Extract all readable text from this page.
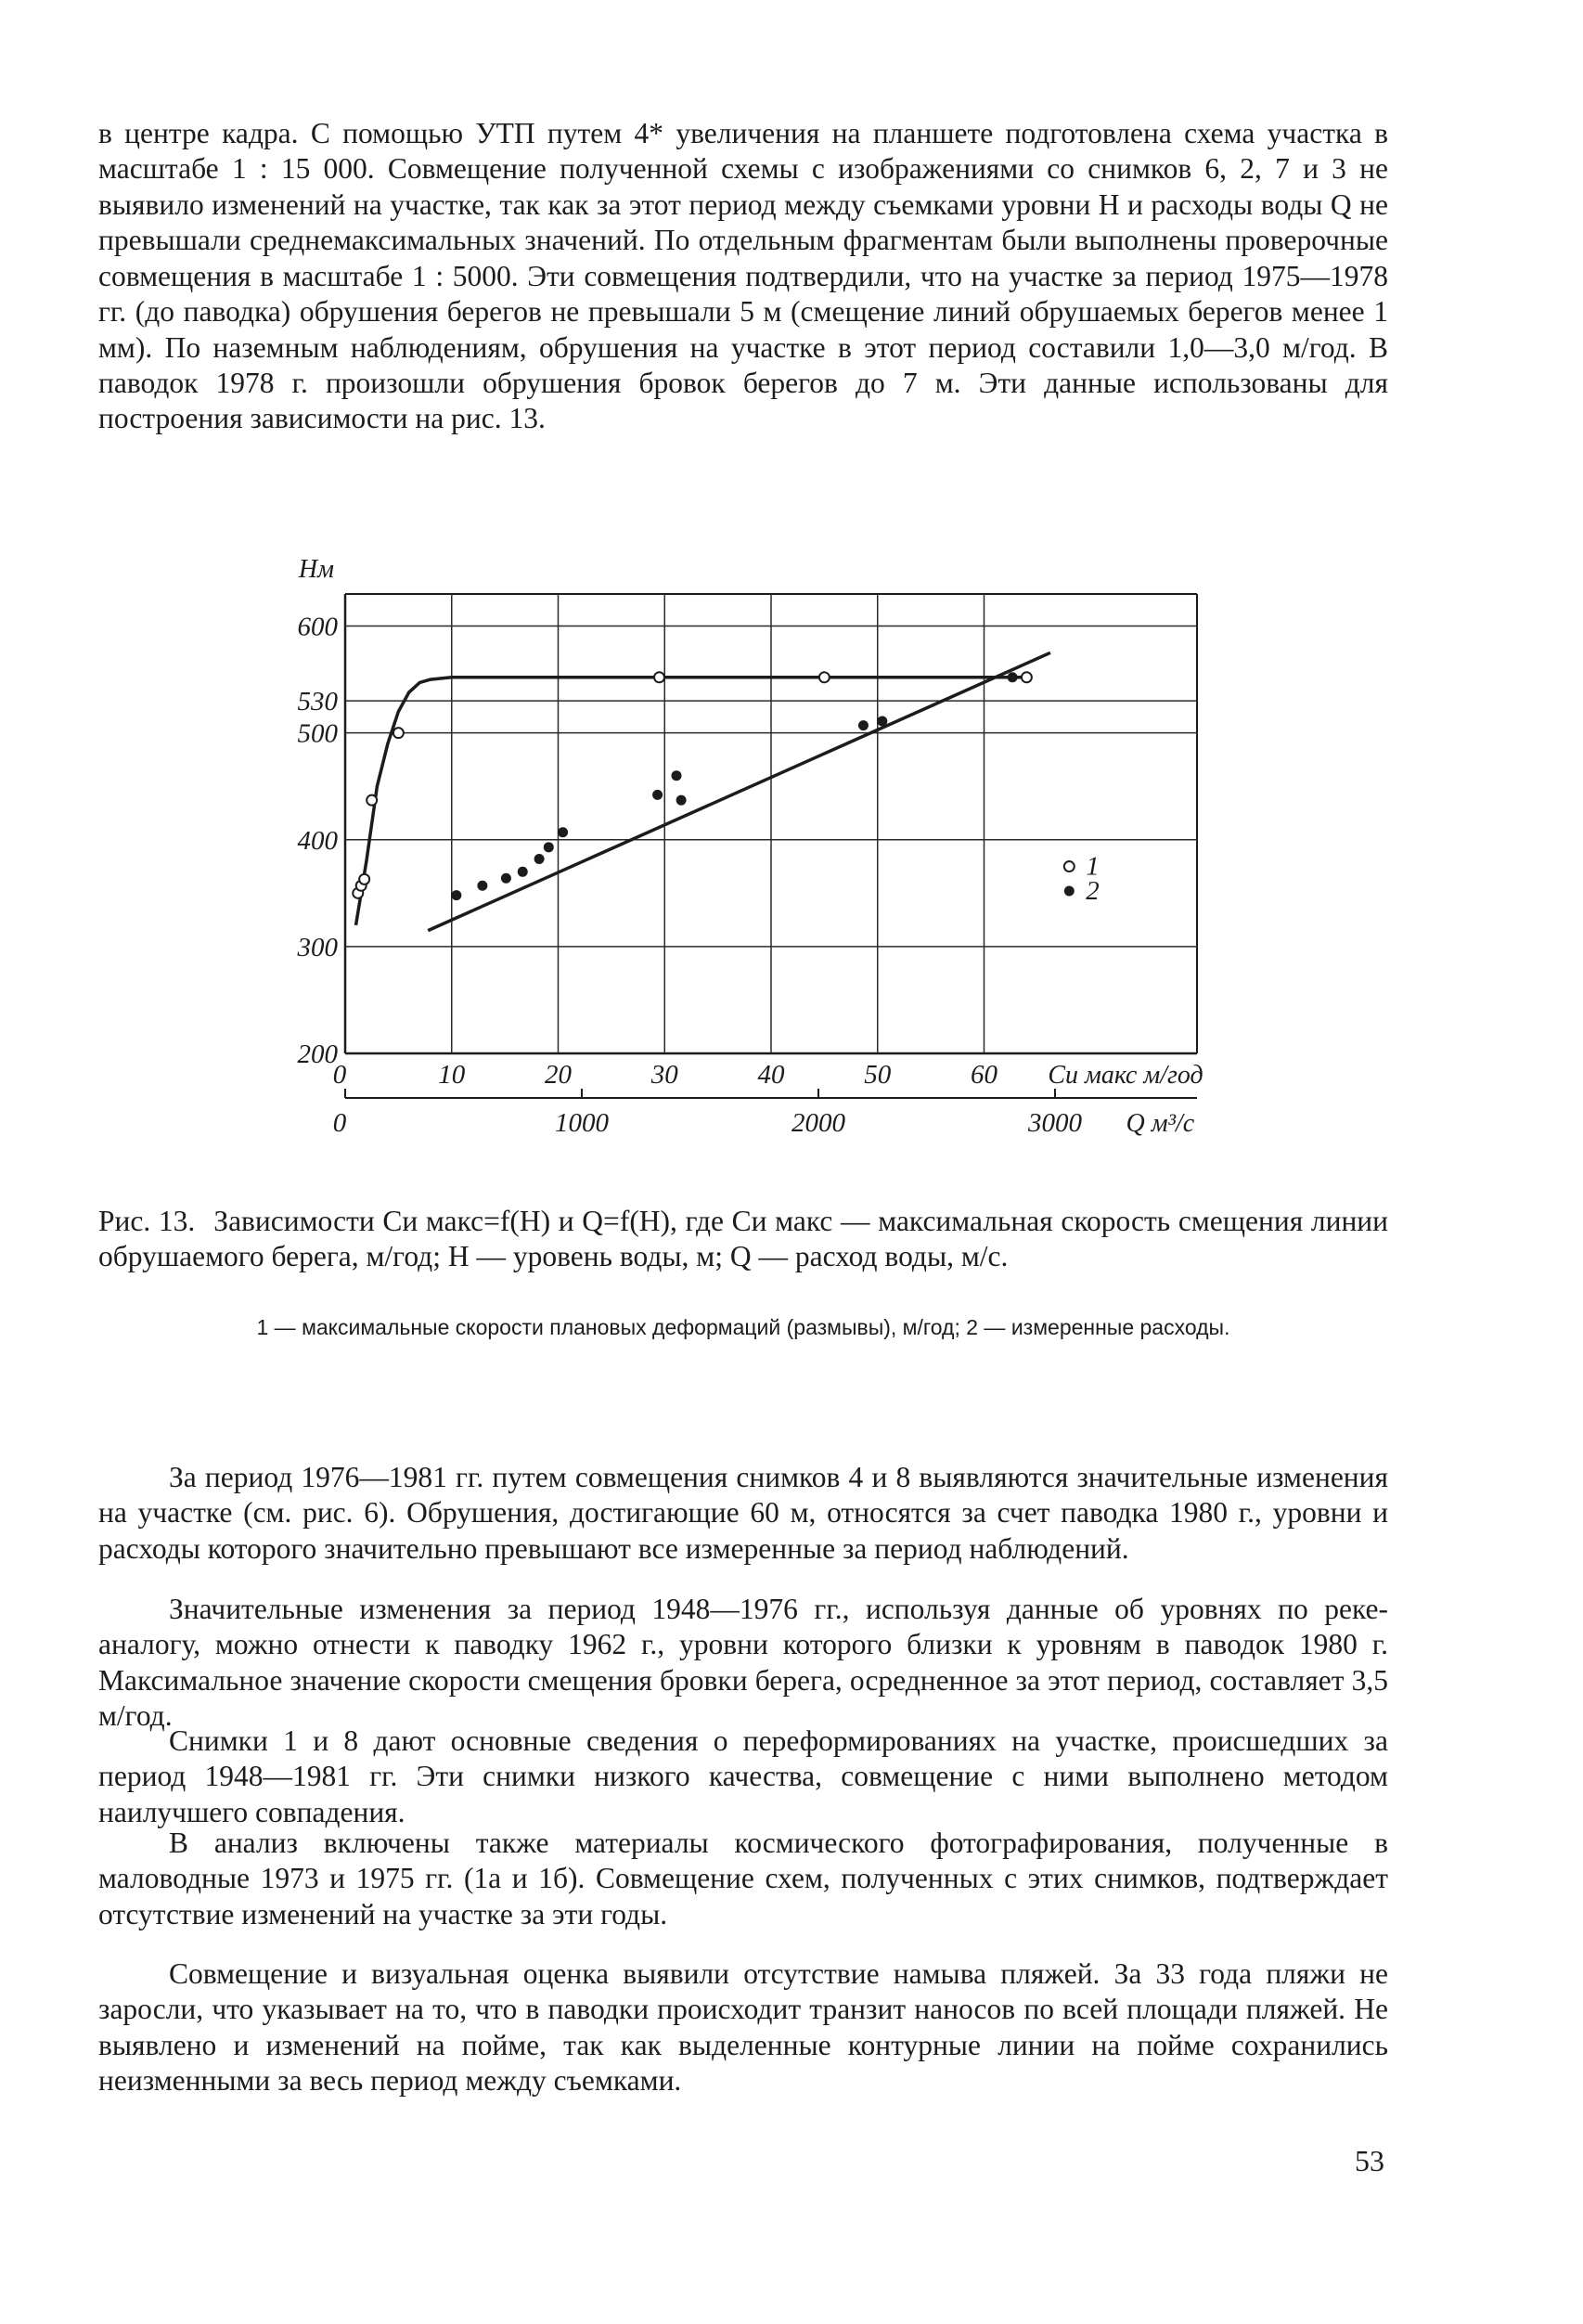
в центре кадра. С помощью УТП путем 4* увеличения на планшете подготовлена схема участка в масштабе 1 : 15 000. Совмещение полученной схемы с изображениями со снимков 6, 2, 7 и 3 не выявило изменений на участке, так как за этот период между съемками уровни H и расходы воды Q не превышали среднемаксимальных значений. По отдельным фрагментам были выполнены проверочные совмещения в масштабе 1 : 5000. Эти совмещения подтвердили, что на участке за период 1975—1978 гг. (до паводка) обрушения берегов не превышали 5 м (смещение линий обрушаемых берегов менее 1 мм). По наземным наблюдениям, обрушения на участке в этот период составили 1,0—3,0 м/год. В паводок 1978 г. произошли обрушения бровок берегов до 7 м. Эти данные использованы для построения зависимости на рис. 13.

200
300
400
500
530
600
0	10	20	30	40	50	60
0	1000	2000	3000
Нм
Cи макс м/год
Q м³/с
1
2

Рис. 13. Зависимости Cи макс=f(H) и Q=f(H), где Cи макс — максимальная скорость смещения линии обрушаемого берега, м/год; H — уровень воды, м; Q — расход воды, м/с.

1 — максимальные скорости плановых деформаций (размывы), м/год; 2 — измеренные расходы.

За период 1976—1981 гг. путем совмещения снимков 4 и 8 выявляются значительные изменения на участке (см. рис. 6). Обрушения, достигающие 60 м, относятся за счет паводка 1980 г., уровни и расходы которого значительно превышают все измеренные за период наблюдений.

Значительные изменения за период 1948—1976 гг., используя данные об уровнях по реке-аналогу, можно отнести к паводку 1962 г., уровни которого близки к уровням в паводок 1980 г. Максимальное значение скорости смещения бровки берега, осредненное за этот период, составляет 3,5 м/год.

Снимки 1 и 8 дают основные сведения о переформированиях на участке, происшедших за период 1948—1981 гг. Эти снимки низкого качества, совмещение с ними выполнено методом наилучшего совпадения.

В анализ включены также материалы космического фотографирования, полученные в маловодные 1973 и 1975 гг. (1а и 1б). Совмещение схем, полученных с этих снимков, подтверждает отсутствие изменений на участке за эти годы.

Совмещение и визуальная оценка выявили отсутствие намыва пляжей. За 33 года пляжи не заросли, что указывает на то, что в паводки происходит транзит наносов по всей площади пляжей. Не выявлено и изменений на пойме, так как выделенные контурные линии на пойме сохранились неизменными за весь период между съемками.

53
